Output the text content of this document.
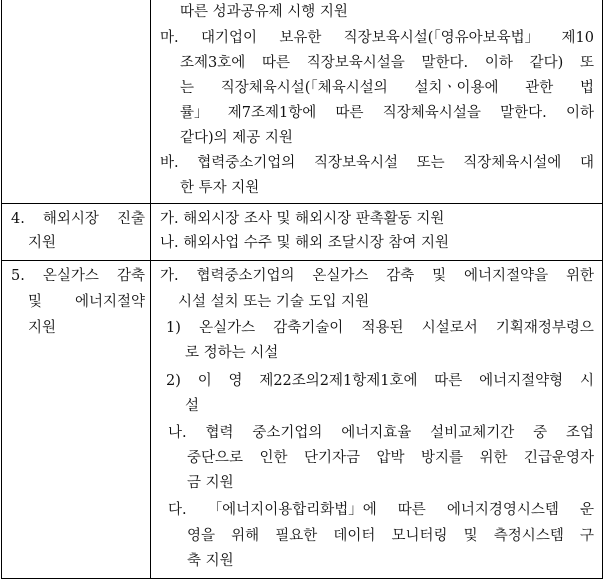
따른 성과공유제 시행 지원
마. 대기업이 보유한 직장보육시설(「영유아보육법」 제10
조제3호에 따른 직장보육시설을 말한다. 이하 같다) 또
는 직장체육시설(「체육시설의 설치ㆍ이용에 관한 법
률」 제7조제1항에 따른 직장체육시설을 말한다. 이하
같다)의 제공 지원
바. 협력중소기업의 직장보육시설 또는 직장체육시설에 대
한 투자 지원
4. 해외시장 진출
지원
가. 해외시장 조사 및 해외시장 판촉활동 지원
나. 해외사업 수주 및 해외 조달시장 참여 지원
5. 온실가스 감축
및 에너지절약
지원
가. 협력중소기업의 온실가스 감축 및 에너지절약을 위한
시설 설치 또는 기술 도입 지원
1) 온실가스 감축기술이 적용된 시설로서 기획재정부령으
로 정하는 시설
2) 이 영 제22조의2제1항제1호에 따른 에너지절약형 시
설
나. 협력 중소기업의 에너지효율 설비교체기간 중 조업
중단으로 인한 단기자금 압박 방지를 위한 긴급운영자
금 지원
다. 「에너지이용합리화법」에 따른 에너지경영시스템 운
영을 위해 필요한 데이터 모니터링 및 측정시스템 구
축 지원
